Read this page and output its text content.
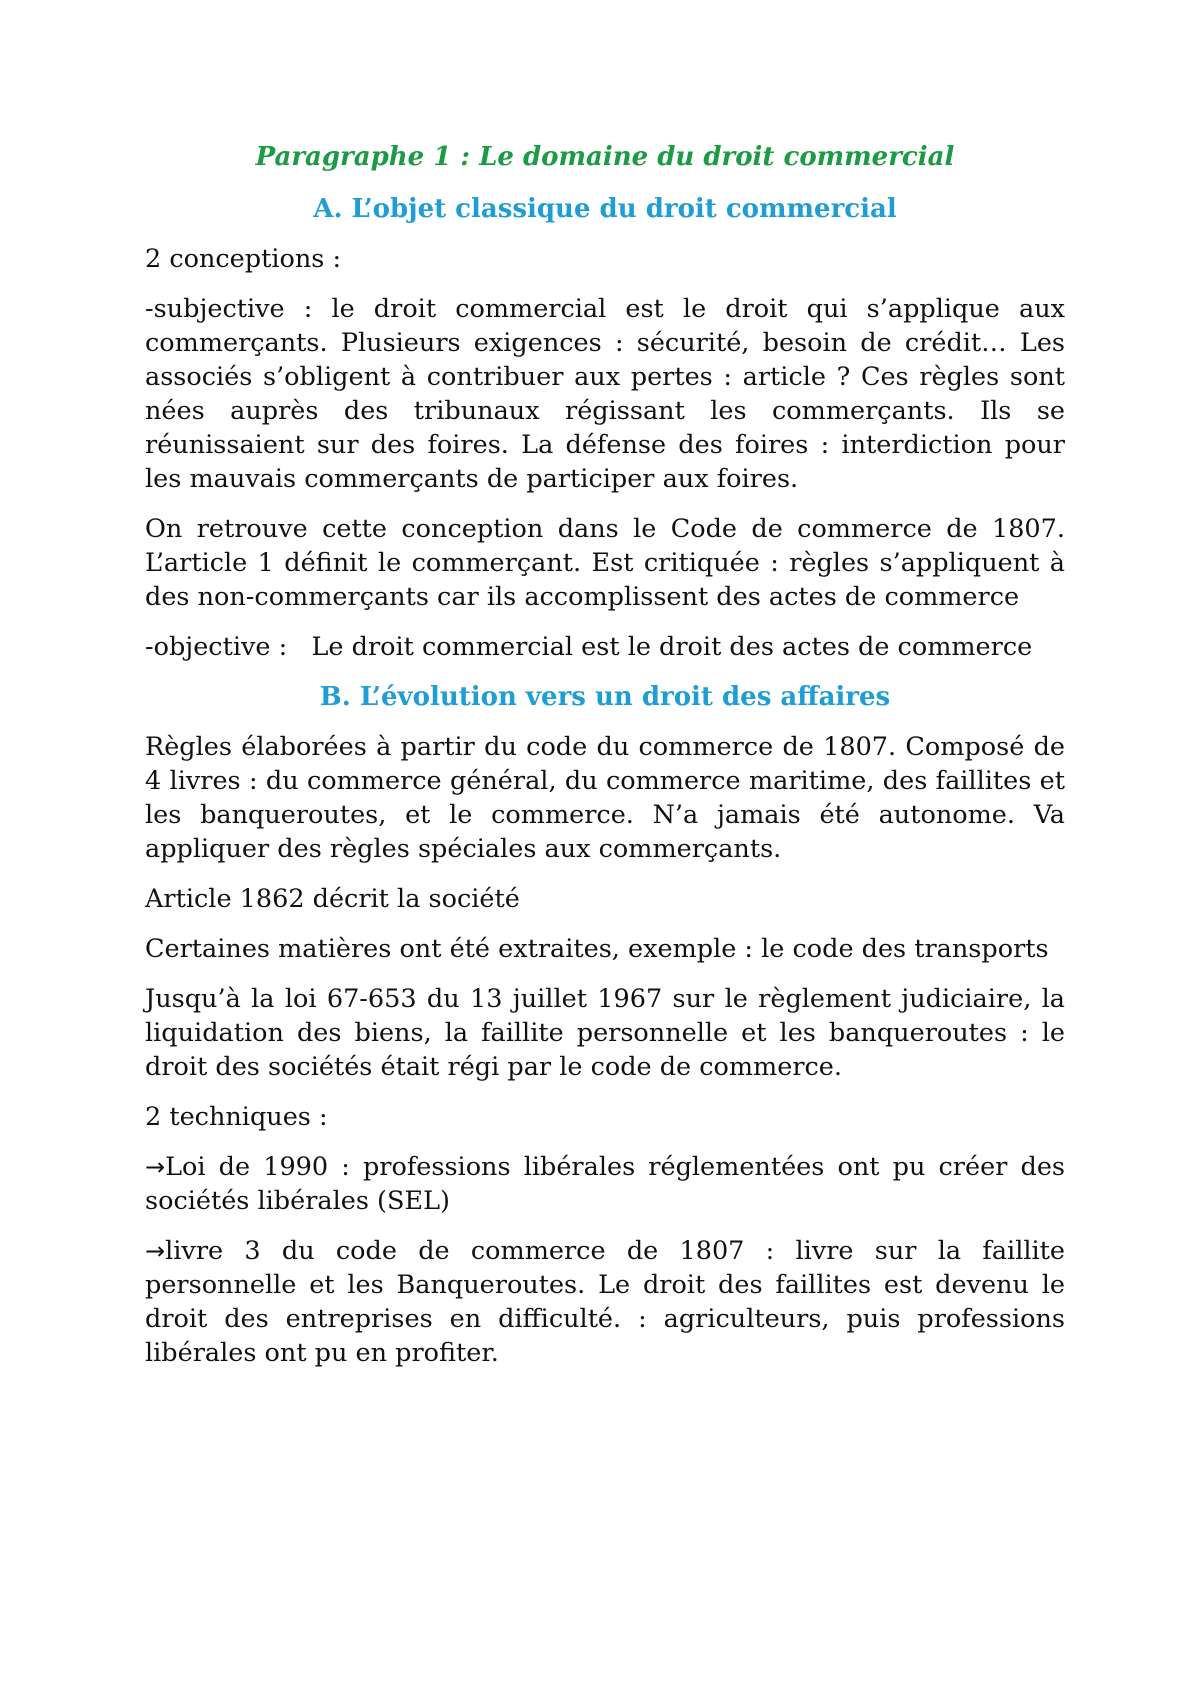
Paragraphe 1 : Le domaine du droit commercial
A. L’objet classique du droit commercial

2 conceptions :

-subjective : le droit commercial est le droit qui s’applique aux commerçants. Plusieurs exigences : sécurité, besoin de crédit… Les associés s’obligent à contribuer aux pertes : article ? Ces règles sont nées auprès des tribunaux régissant les commerçants. Ils se réunissaient sur des foires. La défense des foires : interdiction pour les mauvais commerçants de participer aux foires.

On retrouve cette conception dans le Code de commerce de 1807. L’article 1 définit le commerçant. Est critiquée : règles s’appliquent à des non-commerçants car ils accomplissent des actes de commerce

-objective :   Le droit commercial est le droit des actes de commerce

B. L’évolution vers un droit des affaires

Règles élaborées à partir du code du commerce de 1807. Composé de 4 livres : du commerce général, du commerce maritime, des faillites et les banqueroutes, et le commerce. N’a jamais été autonome. Va appliquer des règles spéciales aux commerçants.

Article 1862 décrit la société

Certaines matières ont été extraites, exemple : le code des transports

Jusqu’à la loi 67-653 du 13 juillet 1967 sur le règlement judiciaire, la liquidation des biens, la faillite personnelle et les banqueroutes : le droit des sociétés était régi par le code de commerce.

2 techniques :

→Loi de 1990 : professions libérales réglementées ont pu créer des sociétés libérales (SEL)

→livre 3 du code de commerce de 1807 : livre sur la faillite personnelle et les Banqueroutes. Le droit des faillites est devenu le droit des entreprises en difficulté. : agriculteurs, puis professions libérales ont pu en profiter.
